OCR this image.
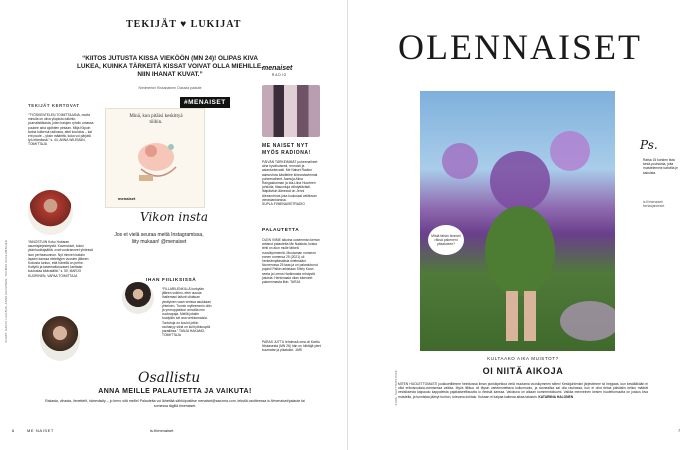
TEKIJÄT ♥ LUKIJAT
“KIITOS JUTUSTA KISSA VIEKÖÖN (MN 24)! OLIPAS KIVA LUKEA, KUINKA TÄRKEITÄ KISSAT VOIVAT OLLA MIEHILLE. NIIN IHANAT KUVAT.”
Nimimerkin Kissanainen Oulusta palaute
TEKIJÄT KERTOVAT
“TYÖSKENTELEN TOIMITTAJANA, mutta minulla on oliva yliopisto-tutkinto journalistiikasta, joten halujen ryhdin omassa puukee aina ajoihtien pintaan. Milja Kilpuin tarina kulkenut radiossa, attel koulutus – kai ent puute – yksin määrittä, kuka voi pärjätä työ-elämässä.” s. 44, ANNA WILEMAN, TOIMITTAJA
“INNOSTUIN Koko Hubaran asumisjärjestelystä. Kaverukset, koksi ykänhuoltajaäitiä, ovat vuokranneet yhdessä ison perheasunnon. Nyt minnen kaksin lapsen kanssa vietettyjen vuosien jälkeen Kokosta tuntuu, että hänellä on perhe. Kotiytiö ja taslemaitoluvaset Jaettaan: kuulostaa kitävalältä.” s. 50, MARJO KUORINEN, VAPAA TOIMITTAJA
Minä, kun pitäisi keskittyä töihin.
menaiset
#MENAISET
Vikon insta
Jos et vielä seuraa meitä Instagramissa, liity mukaan! @menaiset
IHAN FIILIKSISSÄ
“FILLARILENKILLÄ korkytän jälleen voikinu, ettei uuusia ihailemani laiturit olluttuan yksityinen vaan verissa asukkaan yhteinen. Tunnin mylleemmin oliin ja ymrroppiaikon annoilla nen vuokrapaja. Meillä jotakin tuudyikin sei ana verkkomaisia. Tontotoja on koulut jotkin rauhanyy siinä on kulit pikkusydä paratiissa.” TANJA HAKAMO, TOIMITTAJA
menaiset
RADIO
ME NAISET NYT MYÖS RADIONA!
PÄIVÄN TÄRKEIMMÄT puheenaiheet aina hyvähuisesti, rennosti ja asiantuntevasti. Me Naiset Radion aamushow käsittelee kiinnostavimmat puheenaiheet. Aamuja Alina Rangasluoman ja Ida-Liina Huurteen johdolla, tilasuntuja viihdyttävästi. Iltapäivisin äänessä on Jenni Alexandrova joka kuulusasi valittuvan vierasiankanssa. SUPLA.FI/MENAISETRADIO
PALAUTETTA
OLEN VIIME aikoina uusemman kerran antanut palautetta Me Naisista, koska lehti on alun mulle tärkeä vuosikymmeniä. Muutaman numeron ennen numeroa 25 (2021) oli herkeämpitasalisia mielessäni. Numerossa 25 taas ja on palantutunut pojasi! Palkin arkistaan Shirly Karvi-seeta ja Leena Harkimasta rehdystä jutuista. Herkimaala ollan tukeneet paloemmasta likin. TARJA
PARAS JUTTU lehdessä oma oli Karttu Niskasesta (MN 26) hän on hiihtäjä yleni kuumatar ja pikatullut. JARI
Osallistu
ANNA MEILLE PALAUTETTA JA VAIKUTA!
Rakasta, vihasta, ihmettelit, hämmäsity – jo kerro sitä meille! Palautetta voi lähettää sähköpostitse menaiset@sanoma.com, tekstiä osoitteessa is.fi/menaiset/palaute tai somessa tägillä #menaiset.
6	ME NAISET	is.fi/menaiset
KUVAT: HARJU LIUKANA, ANNA HUOVINEN, TUOMAS KOLEHMAINEN
OLENNAISET
Mistä tähän ämmeii räksä pakeneni pilaakokee?
Ps.
Ratsa 15 kohden lista kesä-pouhoista, joita muistelemme kahvilla je kakuista.
is.fi/menaiset/ kertasjankeset
KULTAAKO AIKA MUISTOT?
OI NIITÄ AIKOJA
MITEN HUOLETTOMASTI joukkuetillimme heinikossa ilman punkkipelkoa vielä muutama vuosikymmen sitten! Keskijuhlenkin järjestimme sii heipjaas, kun kesälläkään ei ollut erikoisuuksia-voimisessa vaikka. Myös lillikuu oli täysin varteenotettava kulkumuoto, ja ranneallsa sai olla rauhassa, kun ei ollut tietoa päiväsiin kellon määrät vesisiksesta kaipaudu kappaleista pajakaiseellisuutta lu ihmisiä kanssa. Valokuva on aikaan kommentoituumi. Vaikka menneinen kesien huolettomuutta on joskus kiva muistella, ja tunnistaa jäänyt tuohon, tulevana kohtalo. Kukaan ei kaipaa kaikeaa aikaa takaisin. KATARIINA HALONEN
7
KUVA: SHUTTERSTOCK
